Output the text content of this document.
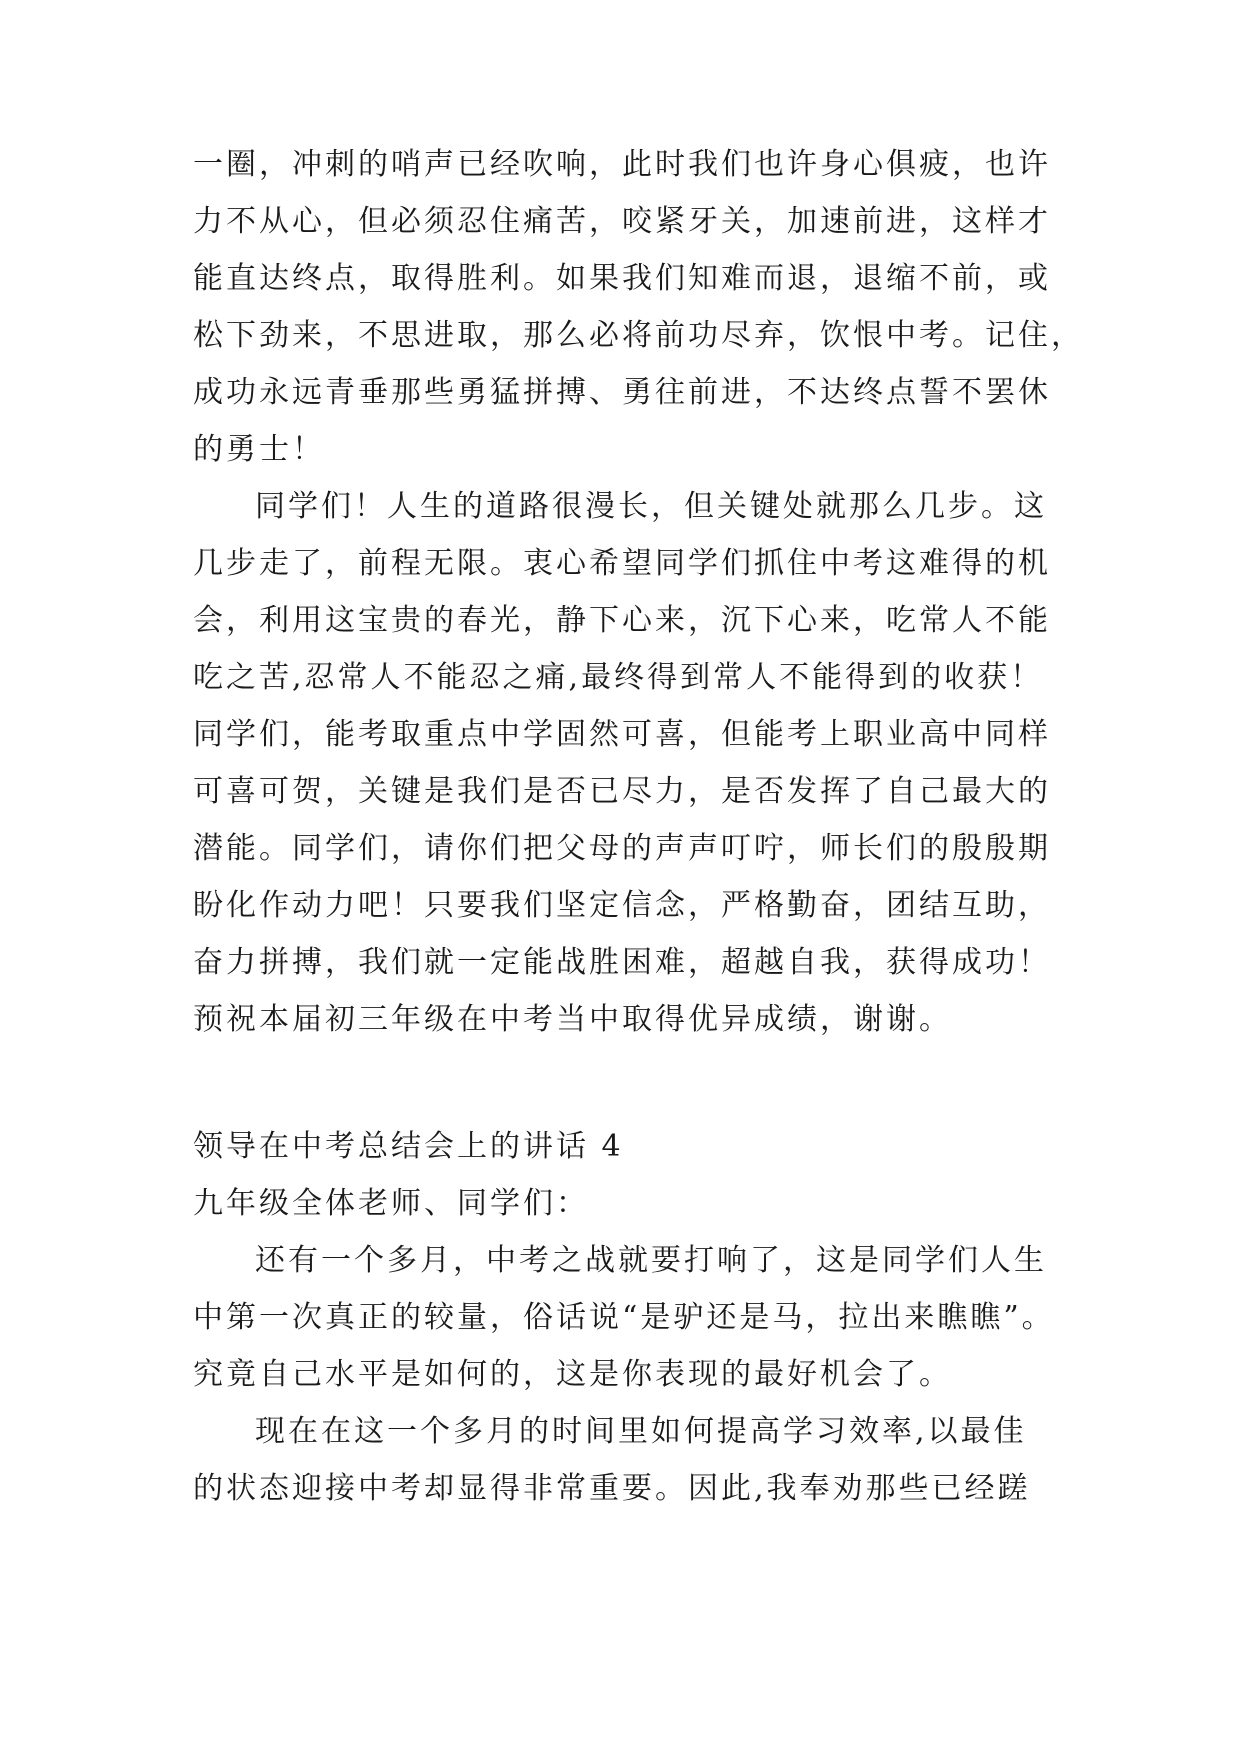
一圈，冲刺的哨声已经吹响，此时我们也许身心俱疲，也许
力不从心，但必须忍住痛苦，咬紧牙关，加速前进，这样才
能直达终点，取得胜利。如果我们知难而退，退缩不前，或
松下劲来，不思进取，那么必将前功尽弃，饮恨中考。记住，
成功永远青垂那些勇猛拼搏、勇往前进，不达终点誓不罢休
的勇士！
同学们！人生的道路很漫长，但关键处就那么几步。这
几步走了，前程无限。衷心希望同学们抓住中考这难得的机
会，利用这宝贵的春光，静下心来，沉下心来，吃常人不能
吃之苦,忍常人不能忍之痛,最终得到常人不能得到的收获！
同学们，能考取重点中学固然可喜，但能考上职业高中同样
可喜可贺，关键是我们是否已尽力，是否发挥了自己最大的
潜能。同学们，请你们把父母的声声叮咛，师长们的殷殷期
盼化作动力吧！只要我们坚定信念，严格勤奋，团结互助，
奋力拼搏，我们就一定能战胜困难，超越自我，获得成功！
预祝本届初三年级在中考当中取得优异成绩，谢谢。
领导在中考总结会上的讲话 4
九年级全体老师、同学们：
还有一个多月，中考之战就要打响了，这是同学们人生
中第一次真正的较量，俗话说“是驴还是马，拉出来瞧瞧”。
究竟自己水平是如何的，这是你表现的最好机会了。
现在在这一个多月的时间里如何提高学习效率,以最佳
的状态迎接中考却显得非常重要。因此,我奉劝那些已经蹉
